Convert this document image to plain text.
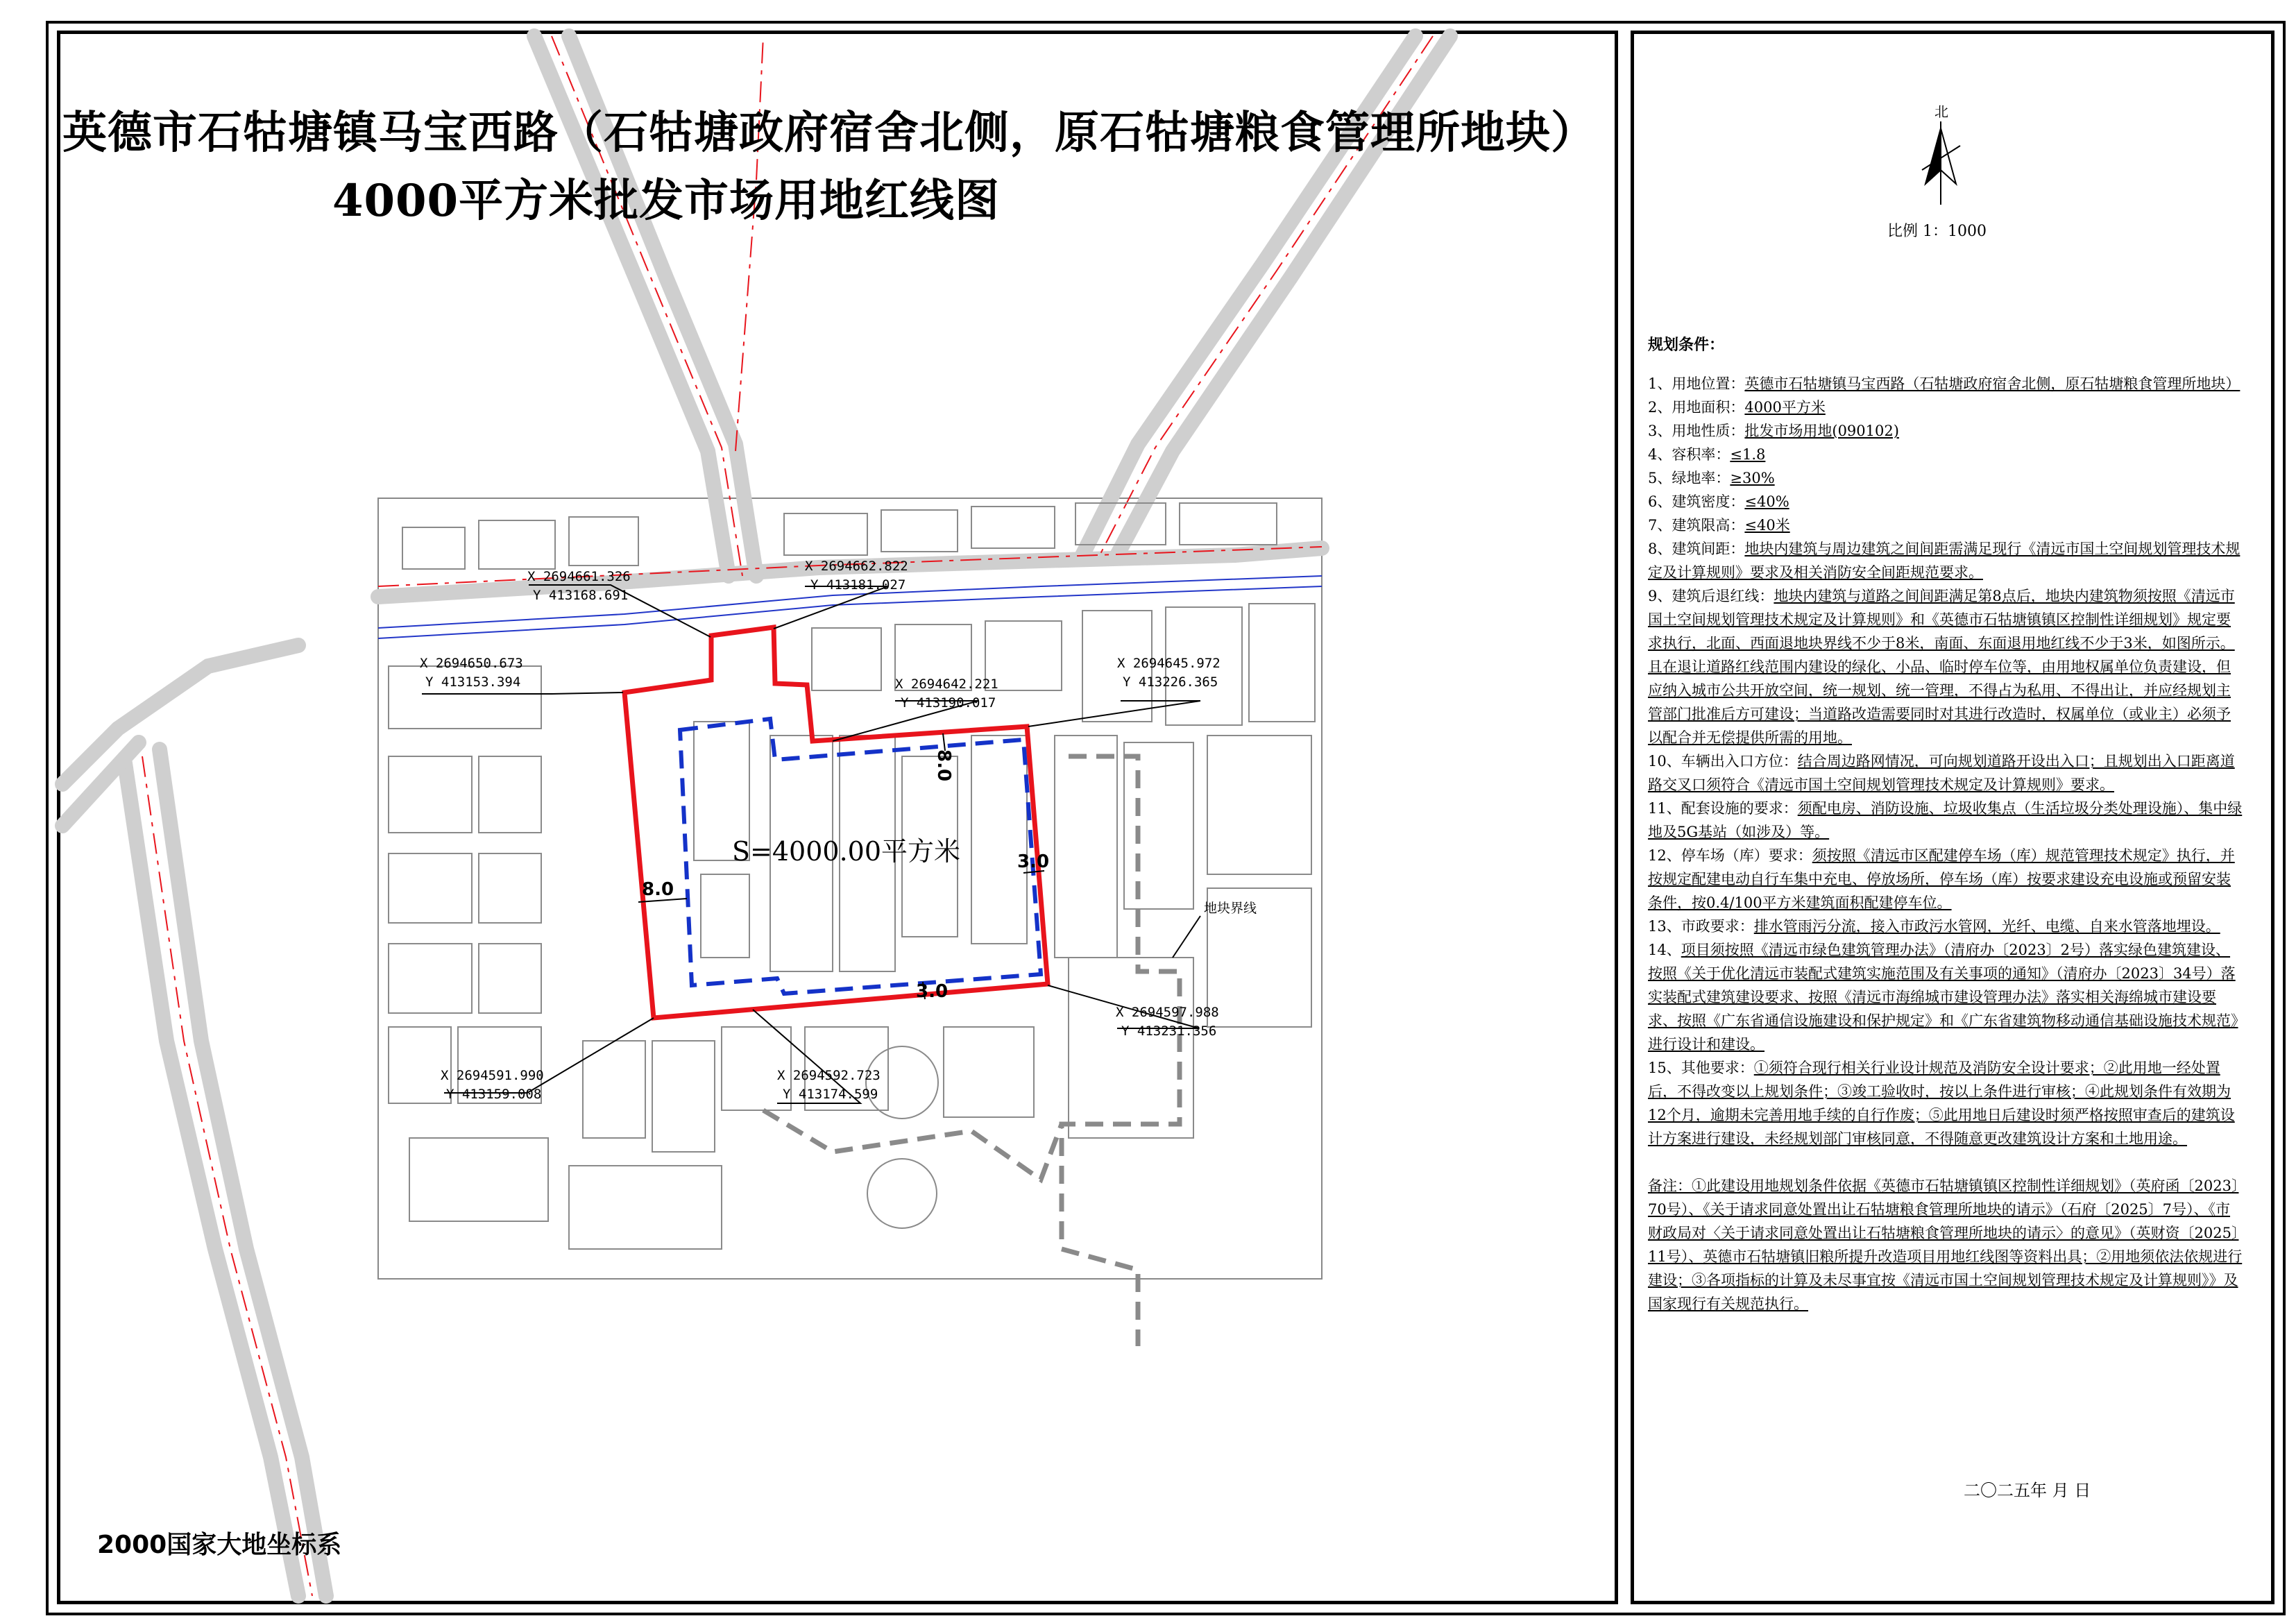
8.0
8.0
3.0
3.0
S=4000.00平方米
地块界线
X 2694661.326
Y 413168.691
X 2694662.822
Y 413181.027
X 2694650.673
Y 413153.394	X 2694642.221
Y 413190.017
X 2694645.972
Y 413226.365
X 2694597.988
Y 413231.356
X 2694591.990
Y 413159.008
X 2694592.723
Y 413174.599
北
英德市石牯塘镇马宝西路（石牯塘政府宿舍北侧，原石牯塘粮食管理所地块）
4000平方米批发市场用地红线图
2000国家大地坐标系
比例 1：1000

规划条件：

1、用地位置：英德市石牯塘镇马宝西路（石牯塘政府宿舍北侧，原石牯塘粮食管理所地块）

2、用地面积：4000平方米

3、用地性质：批发市场用地(090102)

4、容积率：≤1.8

5、绿地率：≥30%

6、建筑密度：≤40%

7、建筑限高：≤40米

8、建筑间距：地块内建筑与周边建筑之间间距需满足现行《清远市国土空间规划管理技术规定及计算规则》要求及相关消防安全间距规范要求。

9、建筑后退红线：地块内建筑与道路之间间距满足第8点后，地块内建筑物须按照《清远市国土空间规划管理技术规定及计算规则》和《英德市石牯塘镇镇区控制性详细规划》规定要求执行，北面、西面退地块界线不少于8米，南面、东面退用地红线不少于3米，如图所示。且在退让道路红线范围内建设的绿化、小品、临时停车位等，由用地权属单位负责建设，但应纳入城市公共开放空间，统一规划、统一管理，不得占为私用、不得出让，并应经规划主管部门批准后方可建设；当道路改造需要同时对其进行改造时，权属单位（或业主）必须予以配合并无偿提供所需的用地。

10、车辆出入口方位：结合周边路网情况，可向规划道路开设出入口；且规划出入口距离道路交叉口须符合《清远市国土空间规划管理技术规定及计算规则》要求。

11、配套设施的要求：须配电房、消防设施、垃圾收集点（生活垃圾分类处理设施）、集中绿地及5G基站（如涉及）等。

12、停车场（库）要求：须按照《清远市区配建停车场（库）规范管理技术规定》执行，并按规定配建电动自行车集中充电、停放场所，停车场（库）按要求建设充电设施或预留安装条件，按0.4/100平方米建筑面积配建停车位。

13、市政要求：排水管雨污分流，接入市政污水管网，光纤、电缆、自来水管落地埋设。

14、项目须按照《清远市绿色建筑管理办法》（清府办〔2023〕2号）落实绿色建筑建设、按照《关于优化清远市装配式建筑实施范围及有关事项的通知》（清府办〔2023〕34号）落实装配式建筑建设要求、按照《清远市海绵城市建设管理办法》落实相关海绵城市建设要求、按照《广东省通信设施建设和保护规定》和《广东省建筑物移动通信基础设施技术规范》进行设计和建设。

15、其他要求：①须符合现行相关行业设计规范及消防安全设计要求；②此用地一经处置后，不得改变以上规划条件；③竣工验收时，按以上条件进行审核；④此规划条件有效期为12个月，逾期未完善用地手续的自行作废；⑤此用地日后建设时须严格按照审查后的建筑设计方案进行建设，未经规划部门审核同意，不得随意更改建筑设计方案和土地用途。

备注：①此建设用地规划条件依据《英德市石牯塘镇镇区控制性详细规划》（英府函〔2023〕70号）、《关于请求同意处置出让石牯塘粮食管理所地块的请示》（石府〔2025〕7号）、《市财政局对〈关于请求同意处置出让石牯塘粮食管理所地块的请示〉的意见》（英财资〔2025〕11号）、英德市石牯塘镇旧粮所提升改造项目用地红线图等资料出具；②用地须依法依规进行建设；③各项指标的计算及未尽事宜按《清远市国土空间规划管理技术规定及计算规则》》及国家现行有关规范执行。

二〇二五年 月 日
